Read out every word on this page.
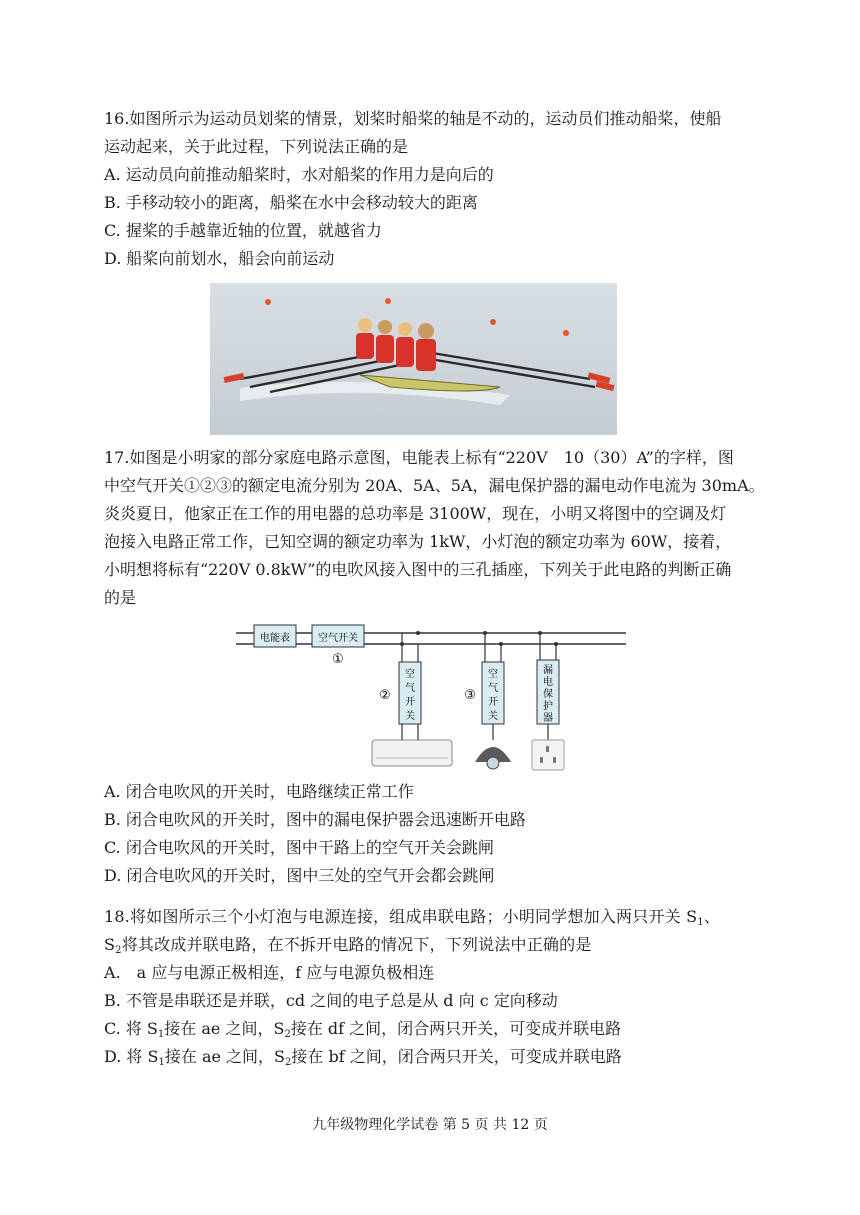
16.如图所示为运动员划桨的情景，划桨时船桨的轴是不动的，运动员们推动船桨，使船
运动起来，关于此过程，下列说法正确的是
A. 运动员向前推动船桨时，水对船桨的作用力是向后的
B. 手移动较小的距离，船桨在水中会移动较大的距离
C. 握桨的手越靠近轴的位置，就越省力
D. 船桨向前划水，船会向前运动
17.如图是小明家的部分家庭电路示意图，电能表上标有“220V　10（30）A”的字样，图
中空气开关①②③的额定电流分别为 20A、5A、5A，漏电保护器的漏电动作电流为 30mA。
炎炎夏日，他家正在工作的用电器的总功率是 3100W，现在，小明又将图中的空调及灯
泡接入电路正常工作，已知空调的额定功率为 1kW，小灯泡的额定功率为 60W，接着，
小明想将标有“220V 0.8kW”的电吹风接入图中的三孔插座，下列关于此电路的判断正确
的是
电能表	空气开关
①
空
气
开
关
②
空
气
开
关
③
漏
电
保
护
器
A. 闭合电吹风的开关时，电路继续正常工作
B. 闭合电吹风的开关时，图中的漏电保护器会迅速断开电路
C. 闭合电吹风的开关时，图中干路上的空气开关会跳闸
D. 闭合电吹风的开关时，图中三处的空气开会都会跳闸
18.将如图所示三个小灯泡与电源连接，组成串联电路；小明同学想加入两只开关 $S_1$、
$S_2$将其改成并联电路，在不拆开电路的情况下，下列说法中正确的是
A.　a 应与电源正极相连，f 应与电源负极相连
B. 不管是串联还是并联，cd 之间的电子总是从 d 向 c 定向移动
C. 将 $S_1$接在 ae 之间，$S_2$接在 df 之间，闭合两只开关，可变成并联电路
D. 将 $S_1$接在 ae 之间，$S_2$接在 bf 之间，闭合两只开关，可变成并联电路
九年级物理化学试卷 第 5 页 共 12 页
